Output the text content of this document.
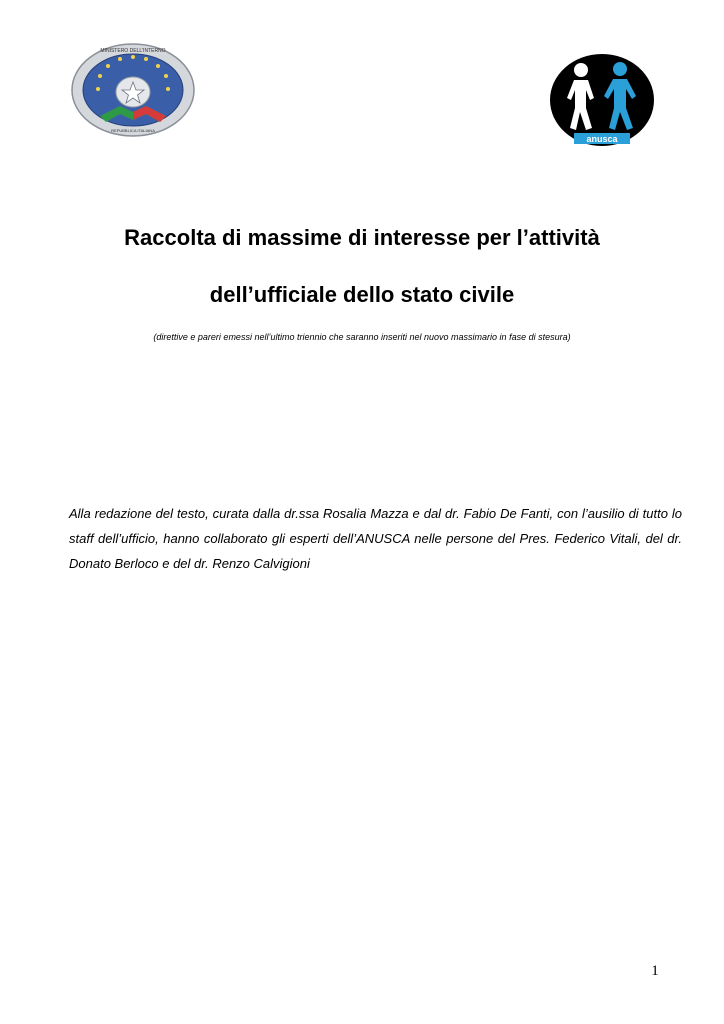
MINISTERO DELL'INTERNO
REPUBBLICA ITALIANA
anusca
Raccolta di massime di interesse per l’attività
dell’ufficiale dello stato civile

(direttive e pareri emessi nell’ultimo triennio che saranno inseriti nel nuovo massimario in fase di stesura)

Alla redazione del testo, curata dalla dr.ssa Rosalia Mazza e dal dr. Fabio De Fanti, con l’ausilio di tutto lo staff dell’ufficio, hanno collaborato gli esperti dell’ANUSCA nelle persone del Pres. Federico Vitali, del dr. Donato Berloco e del dr. Renzo Calvigioni

1
